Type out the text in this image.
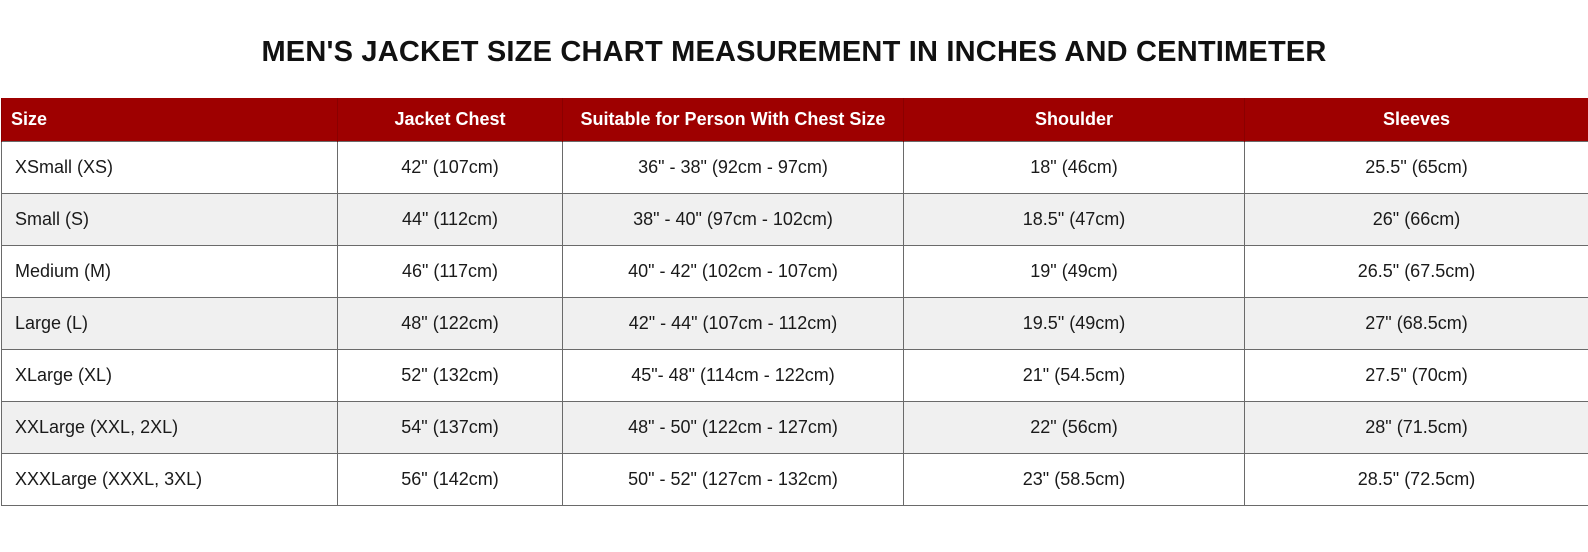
MEN'S JACKET SIZE CHART MEASUREMENT IN INCHES AND CENTIMETER
Size	Jacket Chest	Suitable for Person With Chest Size	Shoulder	Sleeves
XSmall (XS)	42" (107cm)	36" - 38" (92cm - 97cm)	18" (46cm)	25.5" (65cm)
Small (S)	44" (112cm)	38" - 40" (97cm - 102cm)	18.5" (47cm)	26" (66cm)
Medium (M)	46" (117cm)	40" - 42" (102cm - 107cm)	19" (49cm)	26.5" (67.5cm)
Large (L)	48" (122cm)	42" - 44" (107cm - 112cm)	19.5" (49cm)	27" (68.5cm)
XLarge (XL)	52" (132cm)	45"- 48" (114cm - 122cm)	21" (54.5cm)	27.5" (70cm)
XXLarge (XXL, 2XL)	54" (137cm)	48" - 50" (122cm - 127cm)	22" (56cm)	28" (71.5cm)
XXXLarge (XXXL, 3XL)	56" (142cm)	50" - 52" (127cm - 132cm)	23" (58.5cm)	28.5" (72.5cm)
